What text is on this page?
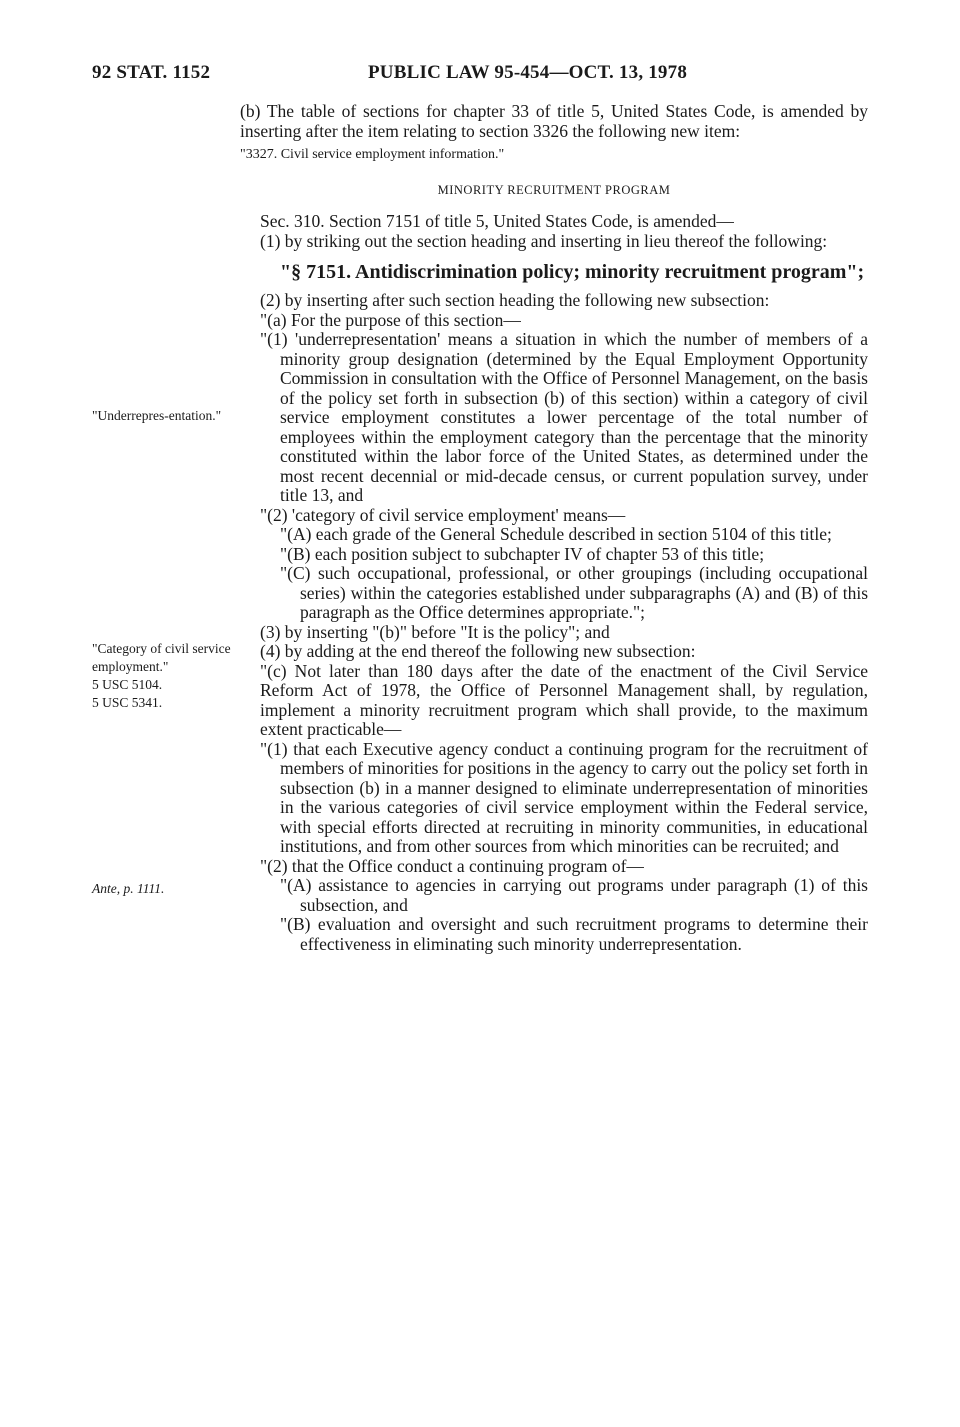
92 STAT. 1152	PUBLIC LAW 95-454—OCT. 13, 1978
"Underrepres-entation."
"Category of civil service employment."
5 USC 5104.
5 USC 5341.
Ante, p. 1111.

(b) The table of sections for chapter 33 of title 5, United States Code, is amended by inserting after the item relating to section 3326 the following new item:

"3327. Civil service employment information."

MINORITY RECRUITMENT PROGRAM

Sec. 310. Section 7151 of title 5, United States Code, is amended—

(1) by striking out the section heading and inserting in lieu thereof the following:

"§ 7151. Antidiscrimination policy; minority recruitment program";

(2) by inserting after such section heading the following new subsection:

"(a) For the purpose of this section—

"(1) 'underrepresentation' means a situation in which the number of members of a minority group designation (determined by the Equal Employment Opportunity Commission in consultation with the Office of Personnel Management, on the basis of the policy set forth in subsection (b) of this section) within a category of civil service employment constitutes a lower percentage of the total number of employees within the employment category than the percentage that the minority constituted within the labor force of the United States, as determined under the most recent decennial or mid-decade census, or current population survey, under title 13, and

"(2) 'category of civil service employment' means—

"(A) each grade of the General Schedule described in section 5104 of this title;

"(B) each position subject to subchapter IV of chapter 53 of this title;

"(C) such occupational, professional, or other groupings (including occupational series) within the categories established under subparagraphs (A) and (B) of this paragraph as the Office determines appropriate.";

(3) by inserting "(b)" before "It is the policy"; and

(4) by adding at the end thereof the following new subsection:

"(c) Not later than 180 days after the date of the enactment of the Civil Service Reform Act of 1978, the Office of Personnel Management shall, by regulation, implement a minority recruitment program which shall provide, to the maximum extent practicable—

"(1) that each Executive agency conduct a continuing program for the recruitment of members of minorities for positions in the agency to carry out the policy set forth in subsection (b) in a manner designed to eliminate underrepresentation of minorities in the various categories of civil service employment within the Federal service, with special efforts directed at recruiting in minority communities, in educational institutions, and from other sources from which minorities can be recruited; and

"(2) that the Office conduct a continuing program of—

"(A) assistance to agencies in carrying out programs under paragraph (1) of this subsection, and

"(B) evaluation and oversight and such recruitment programs to determine their effectiveness in eliminating such minority underrepresentation.
